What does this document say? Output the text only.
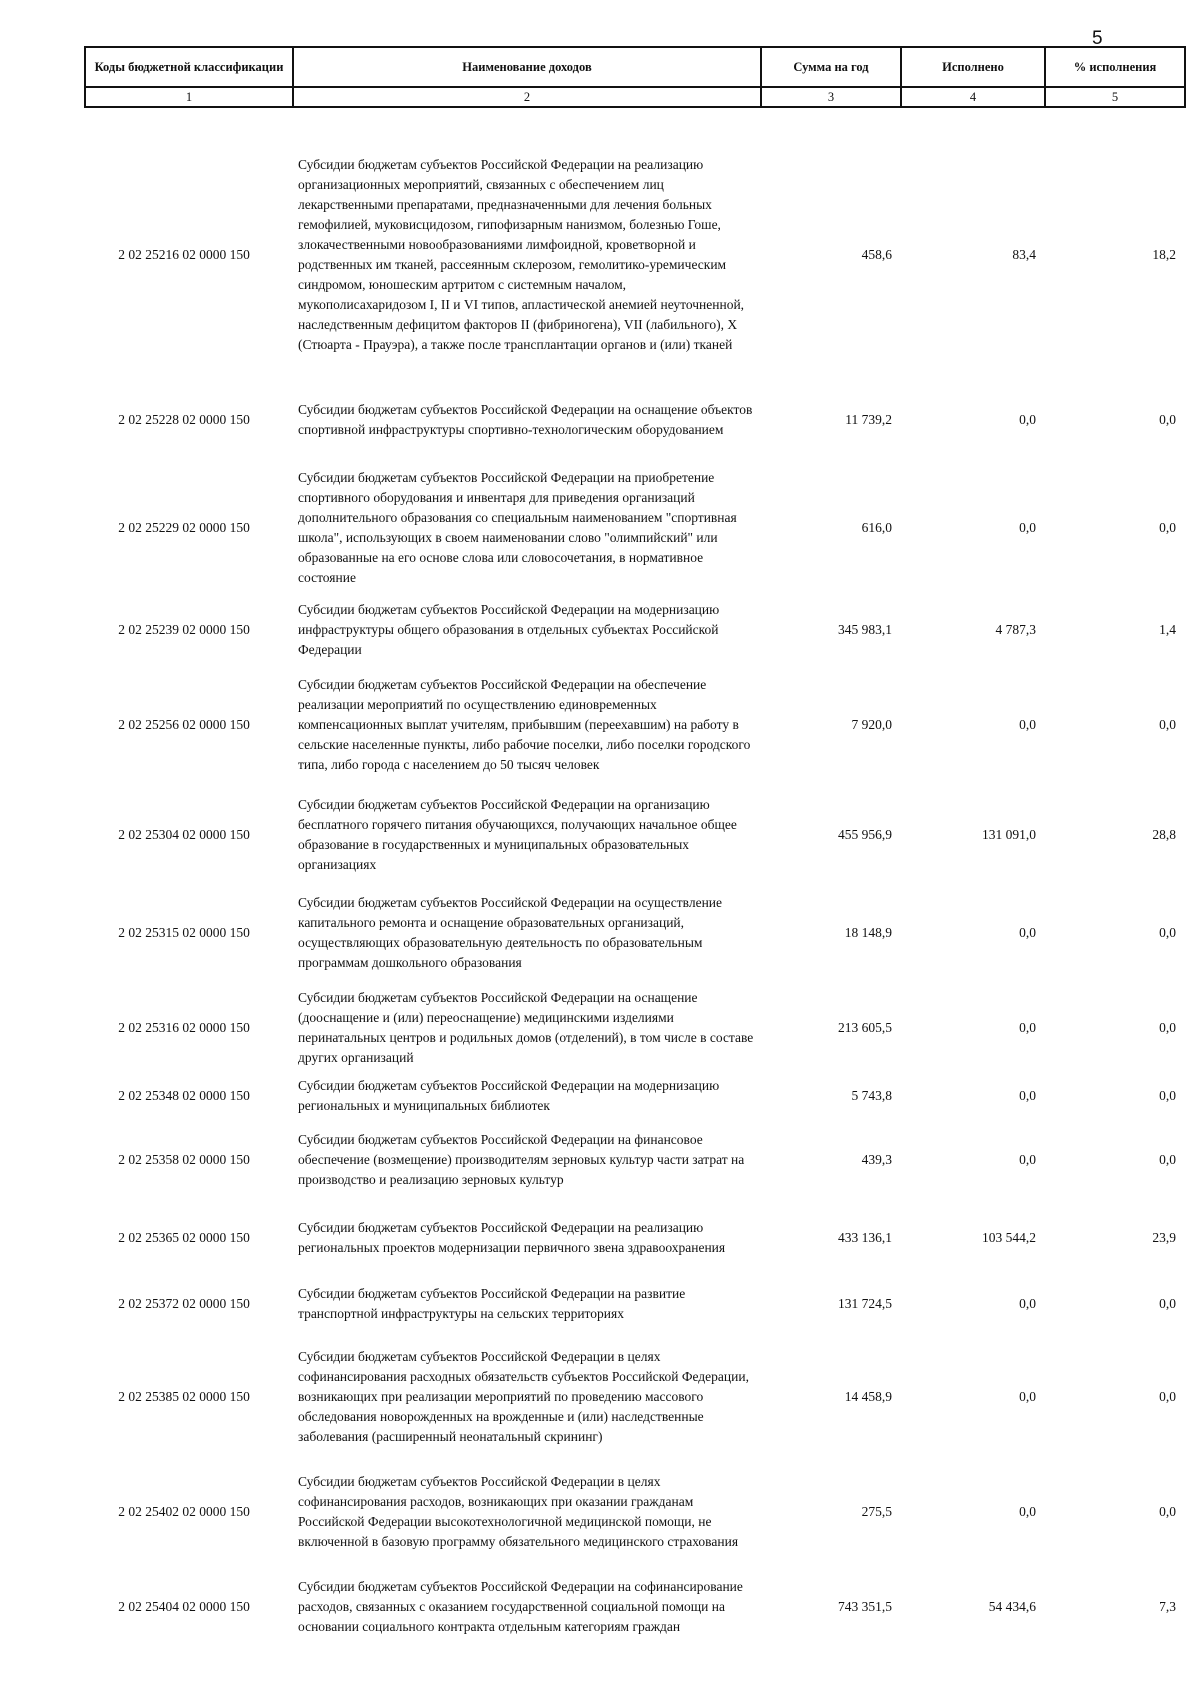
5
Коды бюджетной классификации	Наименование доходов	Сумма на год	Исполнено	% исполнения
1	2	3	4	5
2 02 25216 02 0000 150	Субсидии бюджетам субъектов Российской Федерации на реализацию организационных мероприятий, связанных с обеспечением лиц лекарственными препаратами, предназначенными для лечения больных гемофилией, муковисцидозом, гипофизарным нанизмом, болезнью Гоше, злокачественными новообразованиями лимфоидной, кроветворной и родственных им тканей, рассеянным склерозом, гемолитико-уремическим синдромом, юношеским артритом с системным началом, мукополисахаридозом I, II и VI типов, апластической анемией неуточненной, наследственным дефицитом факторов II (фибриногена), VII (лабильного), X (Стюарта - Прауэра), а также после трансплантации органов и (или) тканей	458,6	83,4	18,2
2 02 25228 02 0000 150	Субсидии бюджетам субъектов Российской Федерации на оснащение объектов спортивной инфраструктуры спортивно-технологическим оборудованием	11 739,2	0,0	0,0
2 02 25229 02 0000 150	Субсидии бюджетам субъектов Российской Федерации на приобретение спортивного оборудования и инвентаря для приведения организаций дополнительного образования со специальным наименованием "спортивная школа", использующих в своем наименовании слово "олимпийский" или образованные на его основе слова или словосочетания, в нормативное состояние	616,0	0,0	0,0
2 02 25239 02 0000 150	Субсидии бюджетам субъектов Российской Федерации на модернизацию инфраструктуры общего образования в отдельных субъектах Российской Федерации	345 983,1	4 787,3	1,4
2 02 25256 02 0000 150	Субсидии бюджетам субъектов Российской Федерации на обеспечение реализации мероприятий по осуществлению единовременных компенсационных выплат учителям, прибывшим (переехавшим) на работу в сельские населенные пункты, либо рабочие поселки, либо поселки городского типа, либо города с населением до 50 тысяч человек	7 920,0	0,0	0,0
2 02 25304 02 0000 150	Субсидии бюджетам субъектов Российской Федерации на организацию бесплатного горячего питания обучающихся, получающих начальное общее образование в государственных и муниципальных образовательных организациях	455 956,9	131 091,0	28,8
2 02 25315 02 0000 150	Субсидии бюджетам субъектов Российской Федерации на осуществление капитального ремонта и оснащение образовательных организаций, осуществляющих образовательную деятельность по образовательным программам дошкольного образования	18 148,9	0,0	0,0
2 02 25316 02 0000 150	Субсидии бюджетам субъектов Российской Федерации на оснащение (дооснащение и (или) переоснащение) медицинскими изделиями перинатальных центров и родильных домов (отделений), в том числе в составе других организаций	213 605,5	0,0	0,0
2 02 25348 02 0000 150	Субсидии бюджетам субъектов Российской Федерации на модернизацию региональных и муниципальных библиотек	5 743,8	0,0	0,0
2 02 25358 02 0000 150	Субсидии бюджетам субъектов Российской Федерации на финансовое обеспечение (возмещение) производителям зерновых культур части затрат на производство и реализацию зерновых культур	439,3	0,0	0,0
2 02 25365 02 0000 150	Субсидии бюджетам субъектов Российской Федерации на реализацию региональных проектов модернизации первичного звена здравоохранения	433 136,1	103 544,2	23,9
2 02 25372 02 0000 150	Субсидии бюджетам субъектов Российской Федерации на развитие транспортной инфраструктуры на сельских территориях	131 724,5	0,0	0,0
2 02 25385 02 0000 150	Субсидии бюджетам субъектов Российской Федерации в целях софинансирования расходных обязательств субъектов Российской Федерации, возникающих при реализации мероприятий по проведению массового обследования новорожденных на врожденные и (или) наследственные заболевания (расширенный неонатальный скрининг)	14 458,9	0,0	0,0
2 02 25402 02 0000 150	Субсидии бюджетам субъектов Российской Федерации в целях софинансирования расходов, возникающих при оказании гражданам Российской Федерации высокотехнологичной медицинской помощи, не включенной в базовую программу обязательного медицинского страхования	275,5	0,0	0,0
2 02 25404 02 0000 150	Субсидии бюджетам субъектов Российской Федерации на софинансирование расходов, связанных с оказанием государственной социальной помощи на основании социального контракта отдельным категориям граждан	743 351,5	54 434,6	7,3
